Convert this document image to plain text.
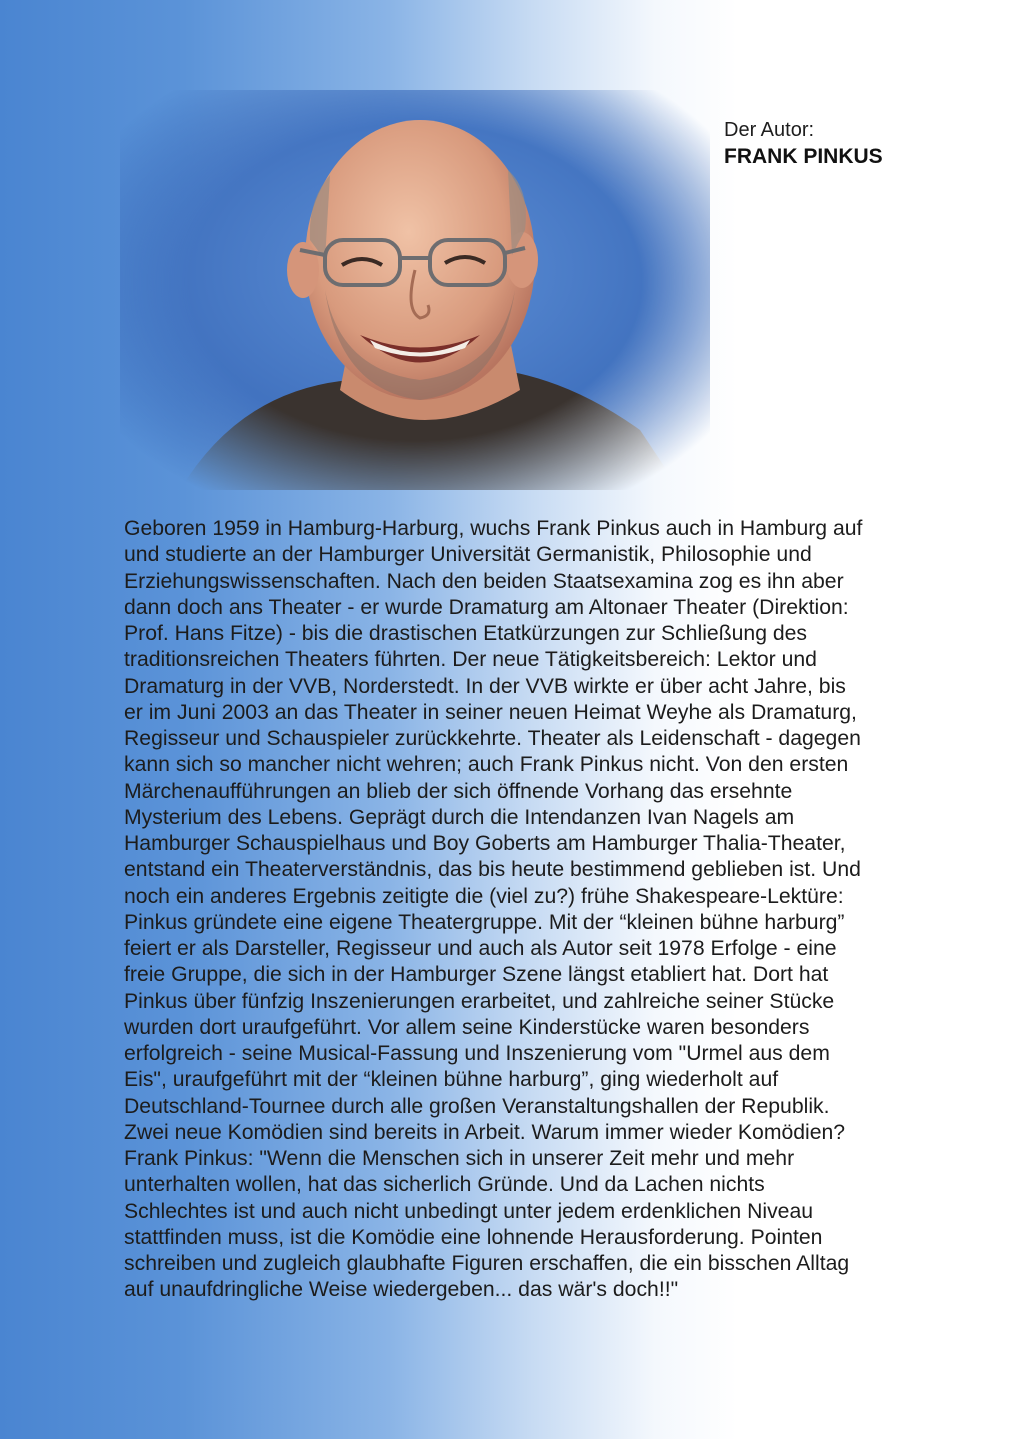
Der Autor:
FRANK PINKUS
Geboren 1959 in Hamburg-Harburg, wuchs Frank Pinkus auch in Hamburg auf
und studierte an der Hamburger Universität Germanistik, Philosophie und
Erziehungswissenschaften. Nach den beiden Staatsexamina zog es ihn aber
dann doch ans Theater - er wurde Dramaturg am Altonaer Theater (Direktion:
Prof. Hans Fitze) - bis die drastischen Etatkürzungen zur Schließung des
traditionsreichen Theaters führten. Der neue Tätigkeitsbereich: Lektor und
Dramaturg in der VVB, Norderstedt. In der VVB wirkte er über acht Jahre, bis
er im Juni 2003 an das Theater in seiner neuen Heimat Weyhe als Dramaturg,
Regisseur und Schauspieler zurückkehrte. Theater als Leidenschaft - dagegen
kann sich so mancher nicht wehren; auch Frank Pinkus nicht. Von den ersten
Märchenaufführungen an blieb der sich öffnende Vorhang das ersehnte
Mysterium des Lebens. Geprägt durch die Intendanzen Ivan Nagels am
Hamburger Schauspielhaus und Boy Goberts am Hamburger Thalia-Theater,
entstand ein Theaterverständnis, das bis heute bestimmend geblieben ist. Und
noch ein anderes Ergebnis zeitigte die (viel zu?) frühe Shakespeare-Lektüre:
Pinkus gründete eine eigene Theatergruppe. Mit der “kleinen bühne harburg”
feiert er als Darsteller, Regisseur und auch als Autor seit 1978 Erfolge - eine
freie Gruppe, die sich in der Hamburger Szene längst etabliert hat. Dort hat
Pinkus über fünfzig Inszenierungen erarbeitet, und zahlreiche seiner Stücke
wurden dort uraufgeführt. Vor allem seine Kinderstücke waren besonders
erfolgreich - seine Musical-Fassung und Inszenierung vom "Urmel aus dem
Eis", uraufgeführt mit der “kleinen bühne harburg”, ging wiederholt auf
Deutschland-Tournee durch alle großen Veranstaltungshallen der Republik.
Zwei neue Komödien sind bereits in Arbeit. Warum immer wieder Komödien?
Frank Pinkus: "Wenn die Menschen sich in unserer Zeit mehr und mehr
unterhalten wollen, hat das sicherlich Gründe. Und da Lachen nichts
Schlechtes ist und auch nicht unbedingt unter jedem erdenklichen Niveau
stattfinden muss, ist die Komödie eine lohnende Herausforderung. Pointen
schreiben und zugleich glaubhafte Figuren erschaffen, die ein bisschen Alltag
auf unaufdringliche Weise wiedergeben... das wär's doch!!"
